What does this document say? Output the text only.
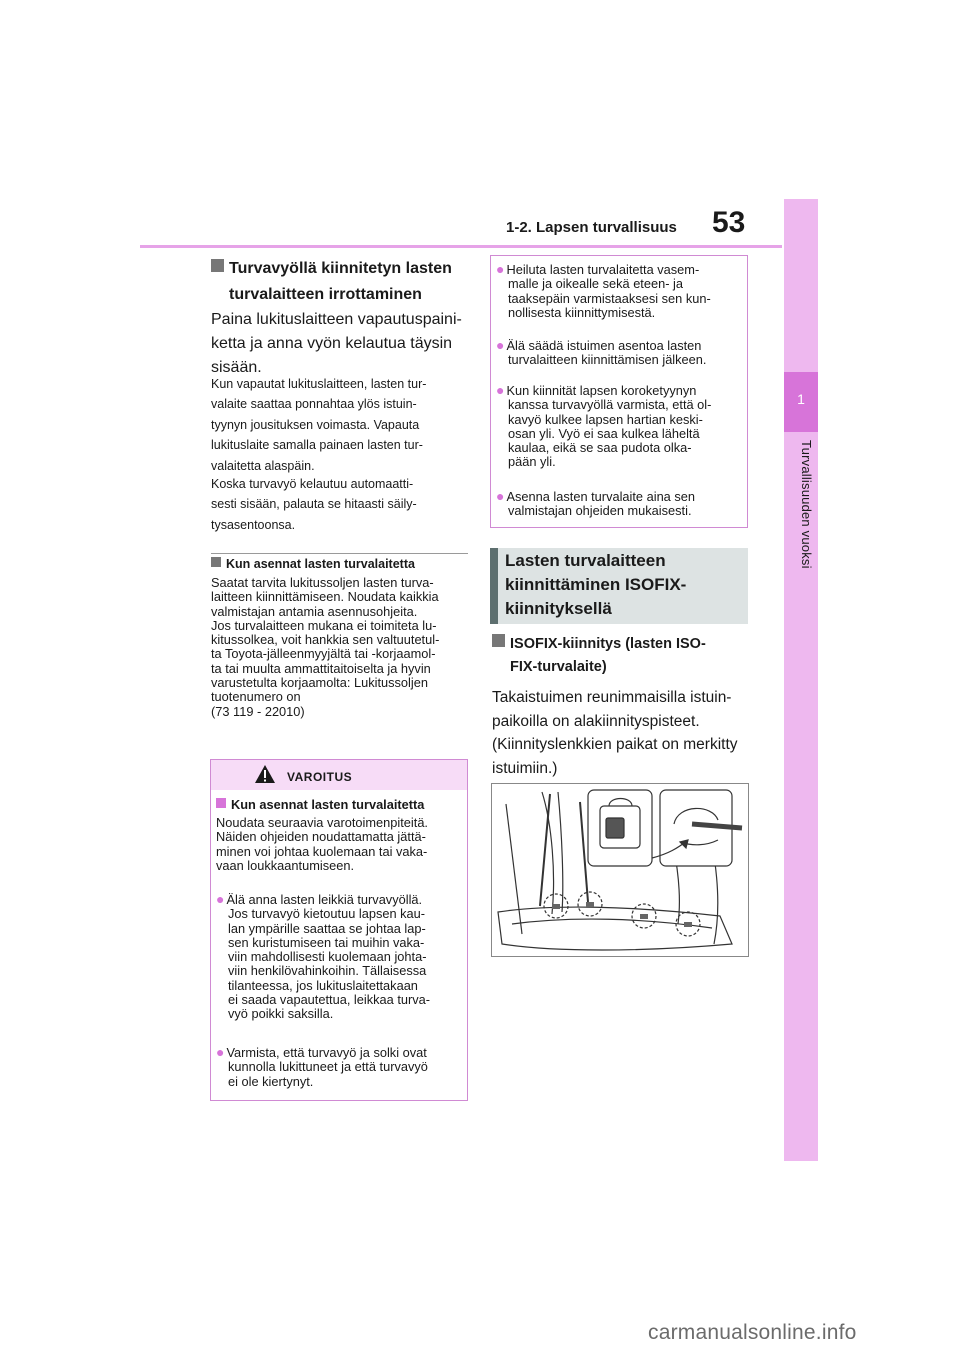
53
1-2. Lapsen turvallisuus
1
Turvallisuuden vuoksi
Turvavyöllä kiinnitetyn lasten
turvalaitteen irrottaminen
Paina lukituslaitteen vapautuspaini-
ketta ja anna vyön kelautua täysin
sisään.
Kun vapautat lukituslaitteen, lasten tur-
valaite saattaa ponnahtaa ylös istuin-
tyynyn jousituksen voimasta. Vapauta
lukituslaite samalla painaen lasten tur-
valaitetta alaspäin.
Koska turvavyö kelautuu automaatti-
sesti sisään, palauta se hitaasti säily-
tysasentoonsa.
Kun asennat lasten turvalaitetta
Saatat tarvita lukitussoljen lasten turva-
laitteen kiinnittämiseen. Noudata kaikkia
valmistajan antamia asennusohjeita.
Jos turvalaitteen mukana ei toimiteta lu-
kitussolkea, voit hankkia sen valtuutetul-
ta Toyota-jälleenmyyjältä tai -korjaamol-
ta tai muulta ammattitaitoiselta ja hyvin
varustetulta korjaamolta: Lukitussoljen
tuotenumero on
(73 119 - 22010)
VAROITUS
Kun asennat lasten turvalaitetta
Noudata seuraavia varotoimenpiteitä.
Näiden ohjeiden noudattamatta jättä-
minen voi johtaa kuolemaan tai vaka-
vaan loukkaantumiseen.
● Älä anna lasten leikkiä turvavyöllä.
Jos turvavyö kietoutuu lapsen kau-
lan ympärille saattaa se johtaa lap-
sen kuristumiseen tai muihin vaka-
viin mahdollisesti kuolemaan johta-
viin henkilövahinkoihin. Tällaisessa
tilanteessa, jos lukituslaitettakaan
ei saada vapautettua, leikkaa turva-
vyö poikki saksilla.
● Varmista, että turvavyö ja solki ovat
kunnolla lukittuneet ja että turvavyö
ei ole kiertynyt.
● Heiluta lasten turvalaitetta vasem-
malle ja oikealle sekä eteen- ja
taaksepäin varmistaaksesi sen kun-
nollisesta kiinnittymisestä.
● Älä säädä istuimen asentoa lasten
turvalaitteen kiinnittämisen jälkeen.
● Kun kiinnität lapsen koroketyynyn
kanssa turvavyöllä varmista, että ol-
kavyö kulkee lapsen hartian keski-
osan yli. Vyö ei saa kulkea läheltä
kaulaa, eikä se saa pudota olka-
pään yli.
● Asenna lasten turvalaite aina sen
valmistajan ohjeiden mukaisesti.
Lasten turvalaitteen
kiinnittäminen ISOFIX-
kiinnityksellä
ISOFIX-kiinnitys (lasten ISO-
FIX-turvalaite)
Takaistuimen reunimmaisilla istuin-
paikoilla on alakiinnityspisteet.
(Kiinnityslenkkien paikat on merkitty
istuimiin.)
carmanualsonline.info
